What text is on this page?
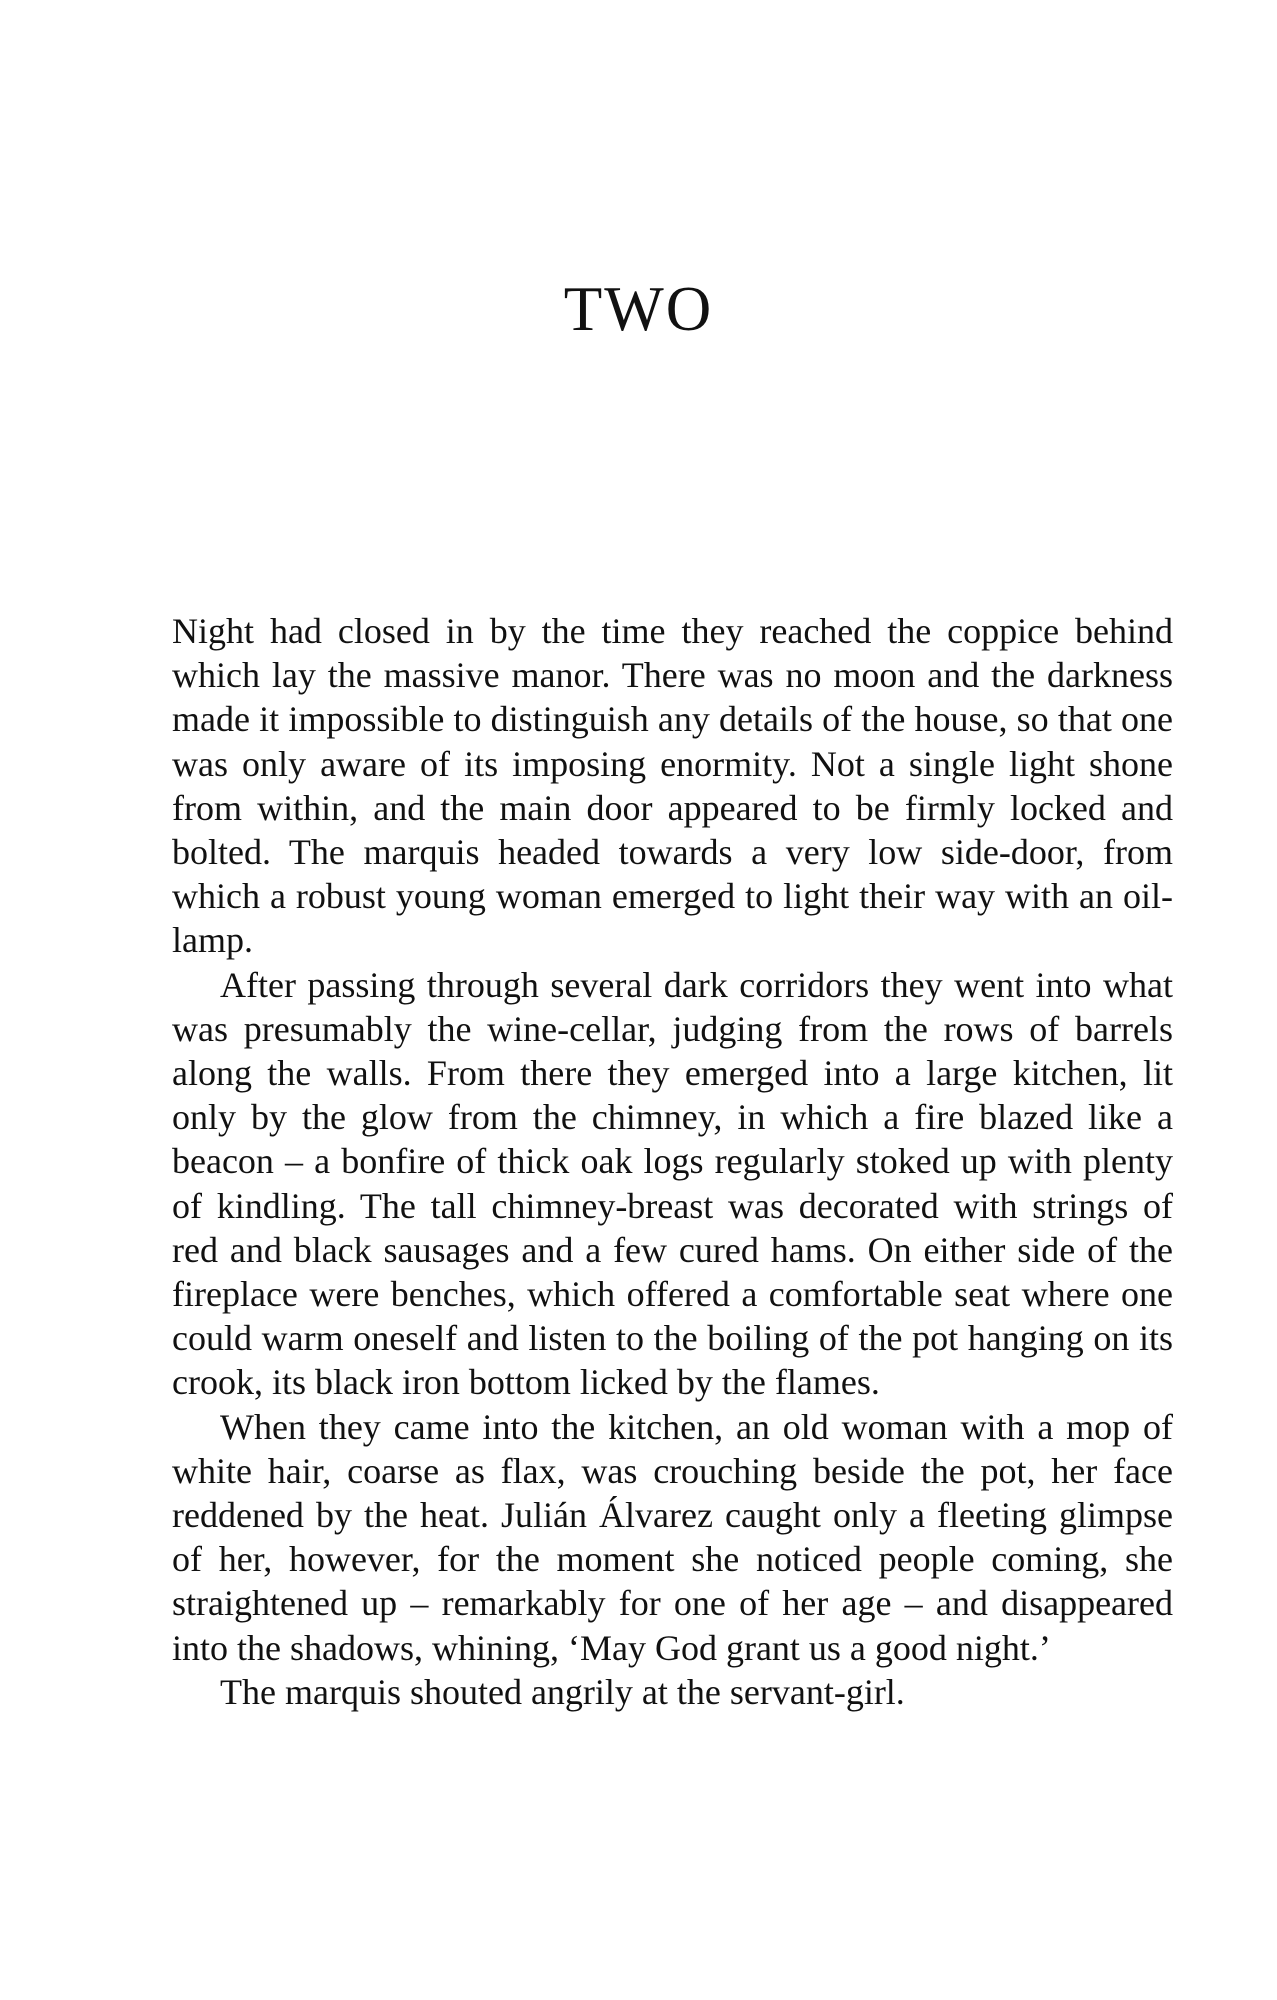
TWO

Night had closed in by the time they reached the coppice behind which lay the massive manor. There was no moon and the darkness made it impossible to distinguish any details of the house, so that one was only aware of its imposing enormity. Not a single light shone from within, and the main door appeared to be firmly locked and bolted. The marquis headed towards a very low side-door, from which a robust young woman emerged to light their way with an oil-lamp.

After passing through several dark corridors they went into what was presumably the wine-cellar, judging from the rows of barrels along the walls. From there they emerged into a large kitchen, lit only by the glow from the chimney, in which a fire blazed like a beacon – a bonfire of thick oak logs regularly stoked up with plenty of kindling. The tall chimney-breast was decorated with strings of red and black sausages and a few cured hams. On either side of the fireplace were benches, which offered a comfortable seat where one could warm oneself and listen to the boiling of the pot hanging on its crook, its black iron bottom licked by the flames.

When they came into the kitchen, an old woman with a mop of white hair, coarse as flax, was crouching beside the pot, her face reddened by the heat. Julián Álvarez caught only a fleeting glimpse of her, however, for the moment she noticed people coming, she straightened up – remarkably for one of her age – and disappeared into the shadows, whining, ‘May God grant us a good night.’

The marquis shouted angrily at the servant-girl.
